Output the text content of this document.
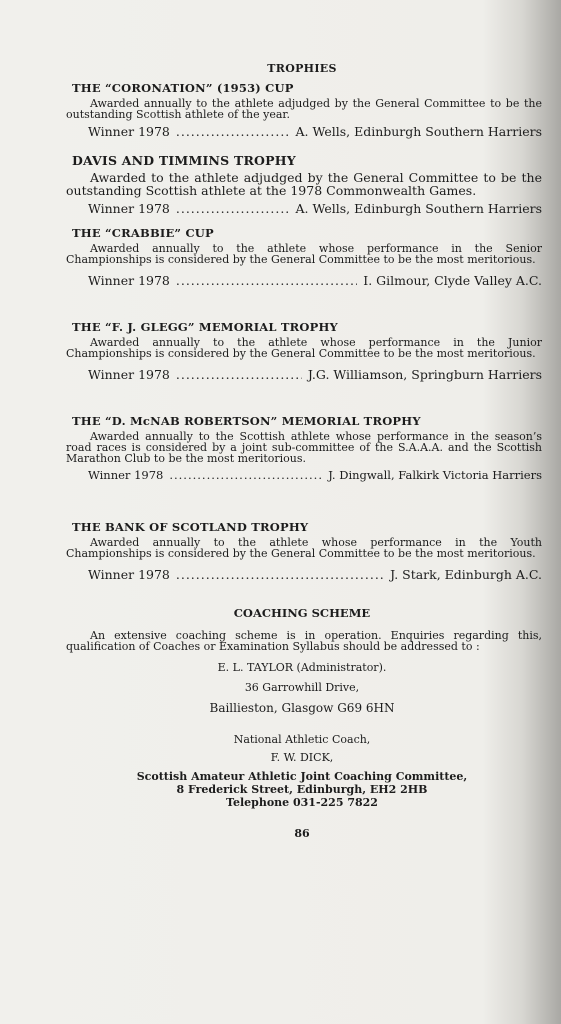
TROPHIES
THE “CORONATION” (1953) CUP
Awarded annually to the athlete adjudged by the General Committee to be the outstanding Scottish athlete of the year.
Winner 1978 .....	A. Wells, Edinburgh Southern Harriers
DAVIS AND TIMMINS TROPHY
Awarded to the athlete adjudged by the General Committee to be the outstanding Scottish athlete at the 1978 Commonwealth Games.
Winner 1978 .....	A. Wells, Edinburgh Southern Harriers
THE “CRABBIE” CUP
Awarded annually to the athlete whose performance in the Senior Championships is considered by the General Committee to be the most meritorious.
Winner 1978 .....	I. Gilmour, Clyde Valley A.C.
THE “F. J. GLEGG” MEMORIAL TROPHY
Awarded annually to the athlete whose performance in the Junior Championships is considered by the General Committee to be the most meritorious.
Winner 1978 .....	J.G. Williamson, Springburn Harriers
THE “D. McNAB ROBERTSON” MEMORIAL TROPHY
Awarded annually to the Scottish athlete whose performance in the season’s road races is considered by a joint sub-committee of the S.A.A.A. and the Scottish Marathon Club to be the most meritorious.
Winner 1978 .....	J. Dingwall, Falkirk Victoria Harriers
THE BANK OF SCOTLAND TROPHY
Awarded annually to the athlete whose performance in the Youth Championships is considered by the General Committee to be the most meritorious.
Winner 1978 .....	J. Stark, Edinburgh A.C.
COACHING SCHEME
An extensive coaching scheme is in operation. Enquiries regarding this, qualification of Coaches or Examination Syllabus should be addressed to :
E. L. TAYLOR (Administrator).
36 Garrowhill Drive,
Baillieston, Glasgow G69 6HN
National Athletic Coach,
F. W. DICK,
Scottish Amateur Athletic Joint Coaching Committee,
8 Frederick Street, Edinburgh, EH2 2HB
Telephone 031-225 7822
86
